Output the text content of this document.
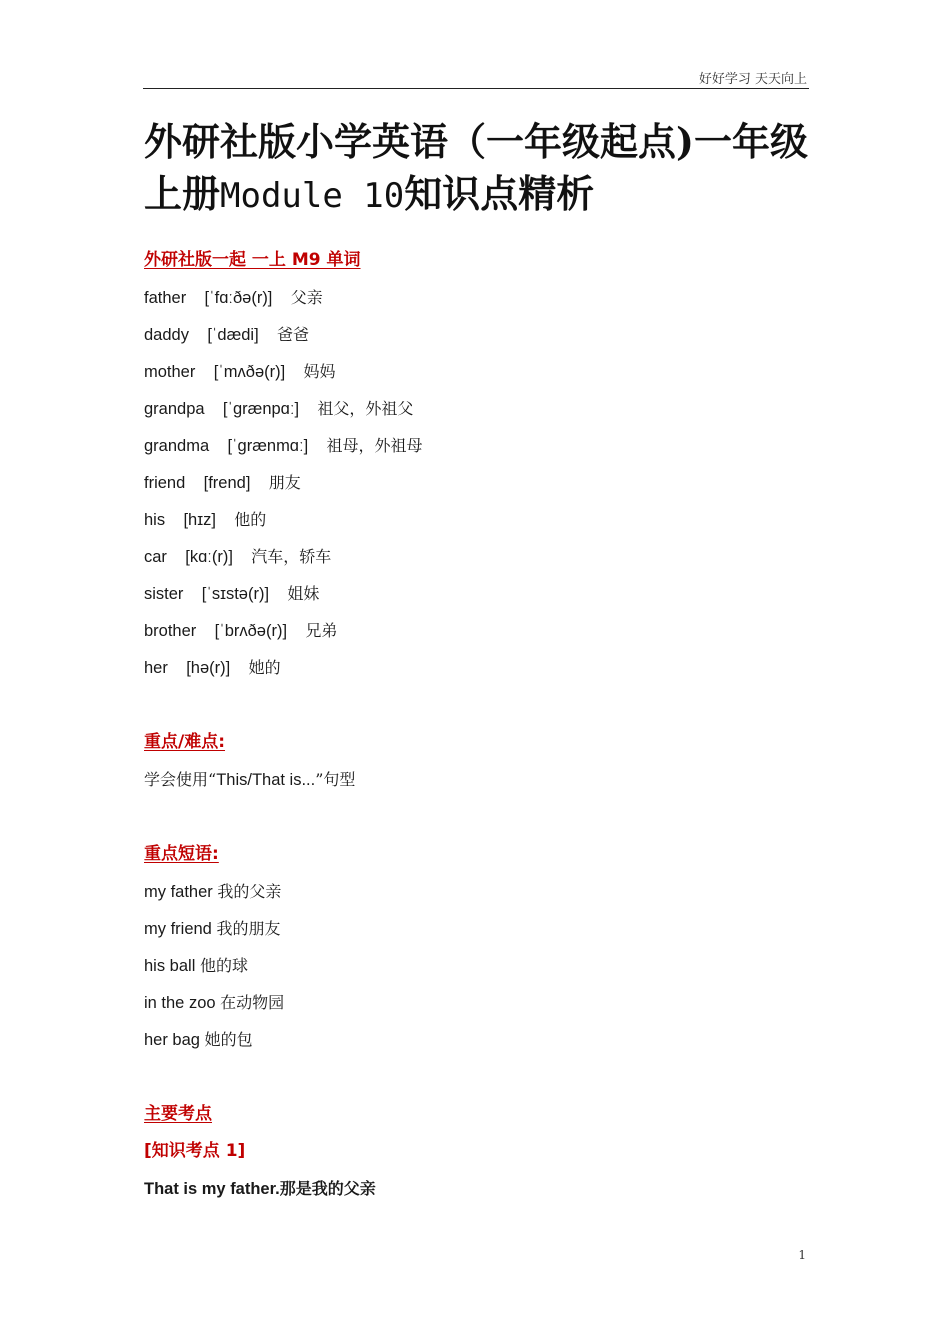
好好学习 天天向上
外研社版小学英语（一年级起点)一年级上册Module 10知识点精析
外研社版一起 一上 M9 单词
father [ˈfɑːðə(r)] 父亲
daddy [ˈdædi] 爸爸
mother [ˈmʌðə(r)] 妈妈
grandpa [ˈɡrænpɑː] 祖父，外祖父
grandma [ˈɡrænmɑː] 祖母，外祖母
friend [frend] 朋友
his [hɪz] 他的
car [kɑː(r)] 汽车，轿车
sister [ˈsɪstə(r)] 姐妹
brother [ˈbrʌðə(r)] 兄弟
her [hə(r)] 她的
重点/难点:
学会使用“This/That is...”句型
重点短语:
my father 我的父亲
my friend 我的朋友
his ball 他的球
in the zoo 在动物园
her bag 她的包
主要考点
[知识考点 1]
That is my father.那是我的父亲
1
